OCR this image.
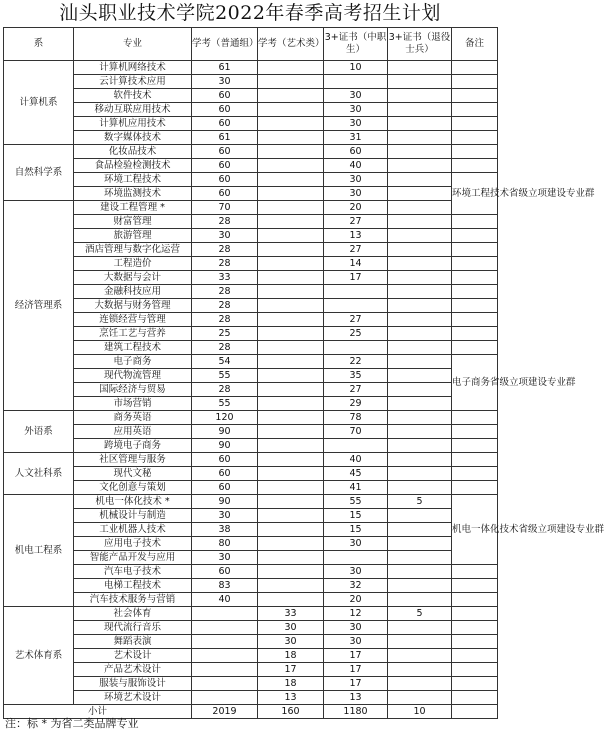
汕头职业技术学院2022年春季高考招生计划
系	专业	学考（普通组）	学考（艺术类）	3+证书（中职生）	3+证书（退役士兵）	备注	
计算机系	计算机网络技术	61		10			
	云计算技术应用	30					
	软件技术	60		30			
	移动互联应用技术	60		30			
	计算机应用技术	60		30			
	数字媒体技术	61		31			
自然科学系	化妆品技术	60		60			
	食品检验检测技术	60		40			
	环境工程技术	60		30		环境工程技术省级立项建设专业群	
	环境监测技术	60		30			
经济管理系	建设工程管理 *	70		20			
	财富管理	28		27			
	旅游管理	30		13			
	酒店管理与数字化运营	28		27			
	工程造价	28		14			
	大数据与会计	33		17			
	金融科技应用	28					
	大数据与财务管理	28					
	连锁经营与管理	28		27			
	烹饪工艺与营养	25		25			
	建筑工程技术	28					
	电子商务	54		22		电子商务省级立项建设专业群	
	现代物流管理	55		35			
	国际经济与贸易	28		27			
	市场营销	55		29			
外语系	商务英语	120		78			
	应用英语	90		70			
	跨境电子商务	90					
人文社科系	社区管理与服务	60		40			
	现代文秘	60		45			
	文化创意与策划	60		41			
机电工程系	机电一体化技术 *	90		55	5	机电一体化技术省级立项建设专业群	
	机械设计与制造	30		15			
	工业机器人技术	38		15			
	应用电子技术	80		30			
	智能产品开发与应用	30					
	汽车电子技术	60		30			
	电梯工程技术	83		32			
	汽车技术服务与营销	40		20			
艺术体育系	社会体育		33	12	5		
	现代流行音乐		30	30			
	舞蹈表演		30	30			
	艺术设计		18	17			
	产品艺术设计		17	17			
	服装与服饰设计		18	17			
	环境艺术设计		13	13			
小计		2019	160	1180	10		
注：标 * 为省二类品牌专业
